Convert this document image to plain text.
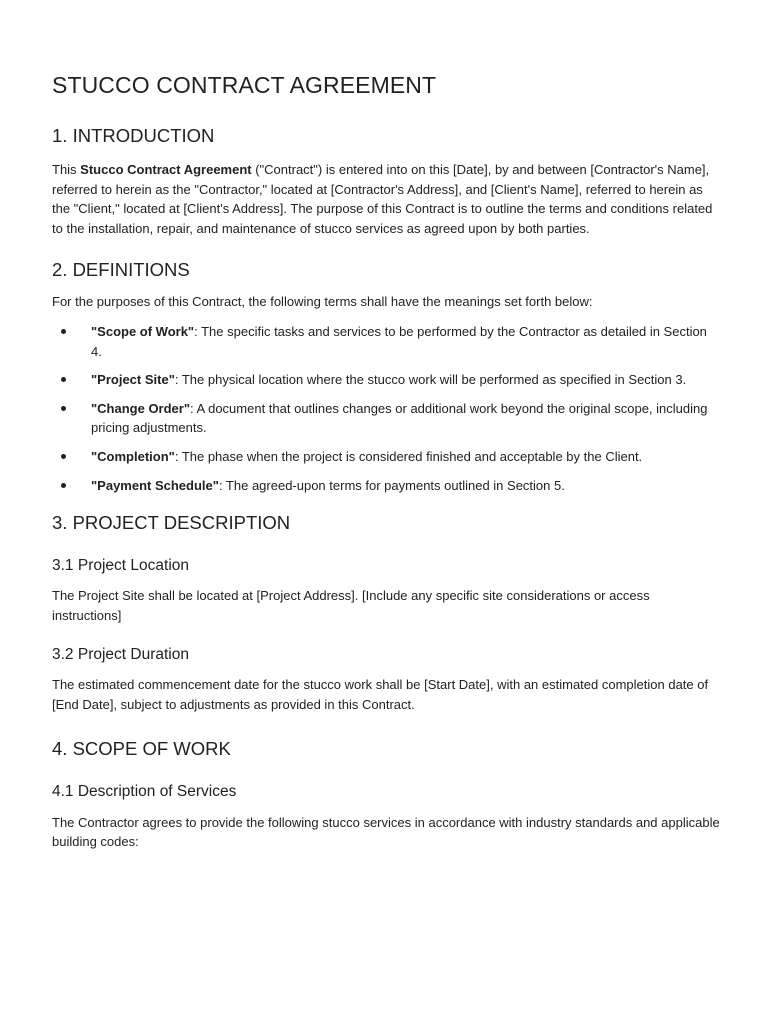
STUCCO CONTRACT AGREEMENT
1. INTRODUCTION

This Stucco Contract Agreement ("Contract") is entered into on this [Date], by and between [Contractor's Name], referred to herein as the "Contractor," located at [Contractor's Address], and [Client's Name], referred to herein as the "Client," located at [Client's Address]. The purpose of this Contract is to outline the terms and conditions related to the installation, repair, and maintenance of stucco services as agreed upon by both parties.

2. DEFINITIONS

For the purposes of this Contract, the following terms shall have the meanings set forth below:

"Scope of Work": The specific tasks and services to be performed by the Contractor as detailed in Section 4.
"Project Site": The physical location where the stucco work will be performed as specified in Section 3.
"Change Order": A document that outlines changes or additional work beyond the original scope, including pricing adjustments.
"Completion": The phase when the project is considered finished and acceptable by the Client.
"Payment Schedule": The agreed-upon terms for payments outlined in Section 5.
3. PROJECT DESCRIPTION
3.1 Project Location

The Project Site shall be located at [Project Address]. [Include any specific site considerations or access instructions]

3.2 Project Duration

The estimated commencement date for the stucco work shall be [Start Date], with an estimated completion date of [End Date], subject to adjustments as provided in this Contract.

4. SCOPE OF WORK
4.1 Description of Services

The Contractor agrees to provide the following stucco services in accordance with industry standards and applicable building codes:
